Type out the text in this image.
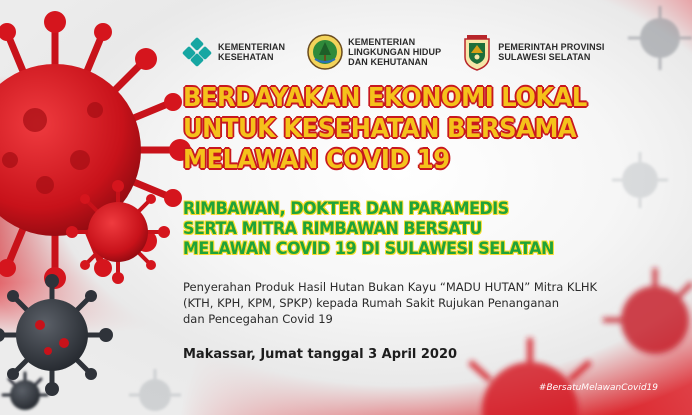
KEMENTERIAN
KESEHATAN
KEMENTERIAN
LINGKUNGAN HIDUP
DAN KEHUTANAN
PEMERINTAH PROVINSI
SULAWESI SELATAN
BERDAYAKAN EKONOMI LOKAL
UNTUK KESEHATAN BERSAMA
MELAWAN COVID 19
RIMBAWAN, DOKTER DAN PARAMEDIS
SERTA MITRA RIMBAWAN BERSATU
MELAWAN COVID 19 DI SULAWESI SELATAN
Penyerahan Produk Hasil Hutan Bukan Kayu “MADU HUTAN” Mitra KLHK
(KTH, KPH, KPM, SPKP) kepada Rumah Sakit Rujukan Penanganan
dan Pencegahan Covid 19
Makassar, Jumat tanggal 3 April 2020
#BersatuMelawanCovid19
